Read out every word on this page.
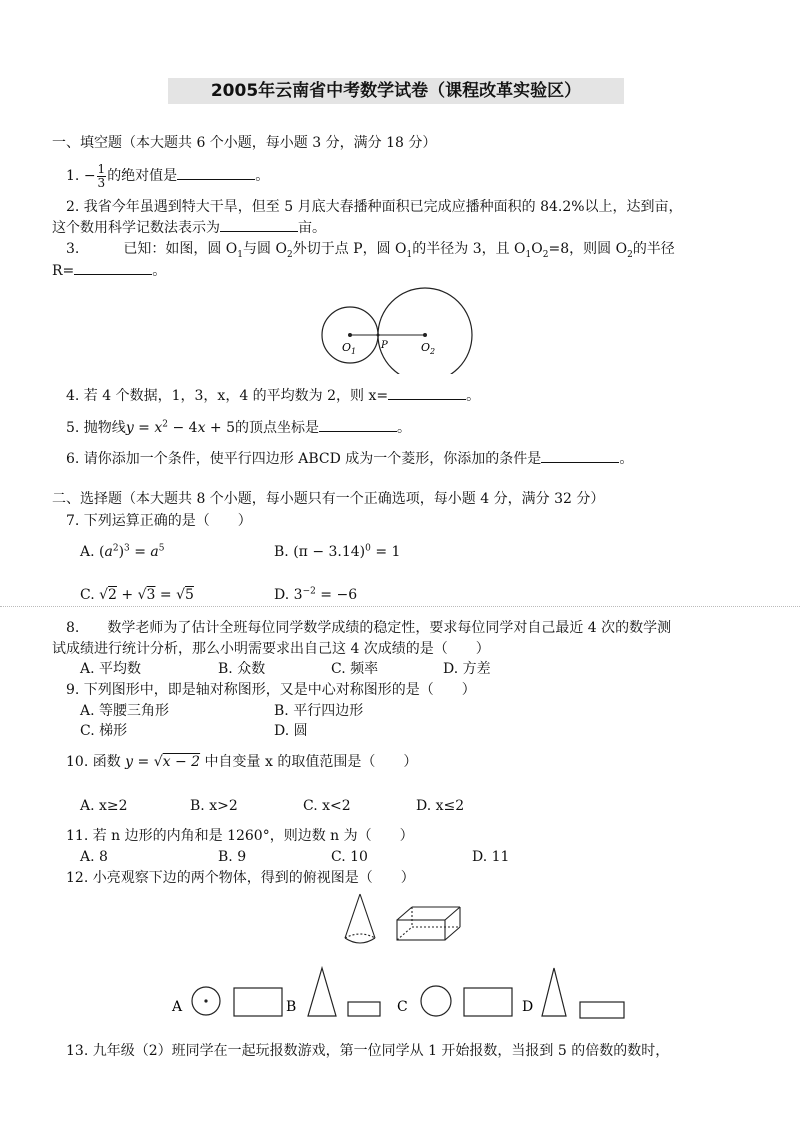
2005年云南省中考数学试卷（课程改革实验区）
一、填空题（本大题共 6 个小题，每小题 3 分，满分 18 分）
1. − $\frac{1}{3}$ 的绝对值是	。
2. 我省今年虽遇到特大干旱，但至 5 月底大春播种面积已完成应播种面积的 84.2%以上，达到亩，
这个数用科学记数法表示为	亩。
3.	已知：如图，圆 $O_1$与圆 $O_2$外切于点 P，圆 $O_1$的半径为 3，且 $O_1O_2=8$，则圆 $O_2$的半径
R=	。
$O_1$
P	$O_2$
4. 若 4 个数据，1，3，x，4 的平均数为 2，则 x=	。
5. 抛物线$y = x^2 - 4x + 5$的顶点坐标是	。
6. 请你添加一个条件，使平行四边形 ABCD 成为一个菱形，你添加的条件是	。
二、选择题（本大题共 8 个小题，每小题只有一个正确选项，每小题 4 分，满分 32 分）
7. 下列运算正确的是（　　）
A. $(a^2)^3 = a^5$	B. $(\pi - 3.14)^0 = 1$
C. √2 + √3 = √5	D. $3^{-2} = -6$
8.　　数学老师为了估计全班每位同学数学成绩的稳定性，要求每位同学对自己最近 4 次的数学测
试成绩进行统计分析，那么小明需要求出自己这 4 次成绩的是（　　）
A. 平均数	B. 众数	C. 频率	D. 方差
9. 下列图形中，即是轴对称图形，又是中心对称图形的是（　　）
A. 等腰三角形	B. 平行四边形
C. 梯形	D. 圆
10. 函数 y = √x − 2 中自变量 x 的取值范围是（　　）
A. x≥2	B. x>2	C. x<2	D. x≤2
11. 若 n 边形的内角和是 1260°，则边数 n 为（　　）
A. 8	B. 9	C. 10	D. 11
12. 小亮观察下边的两个物体，得到的俯视图是（　　）
A	B	C	D
13. 九年级（2）班同学在一起玩报数游戏，第一位同学从 1 开始报数，当报到 5 的倍数的数时，
